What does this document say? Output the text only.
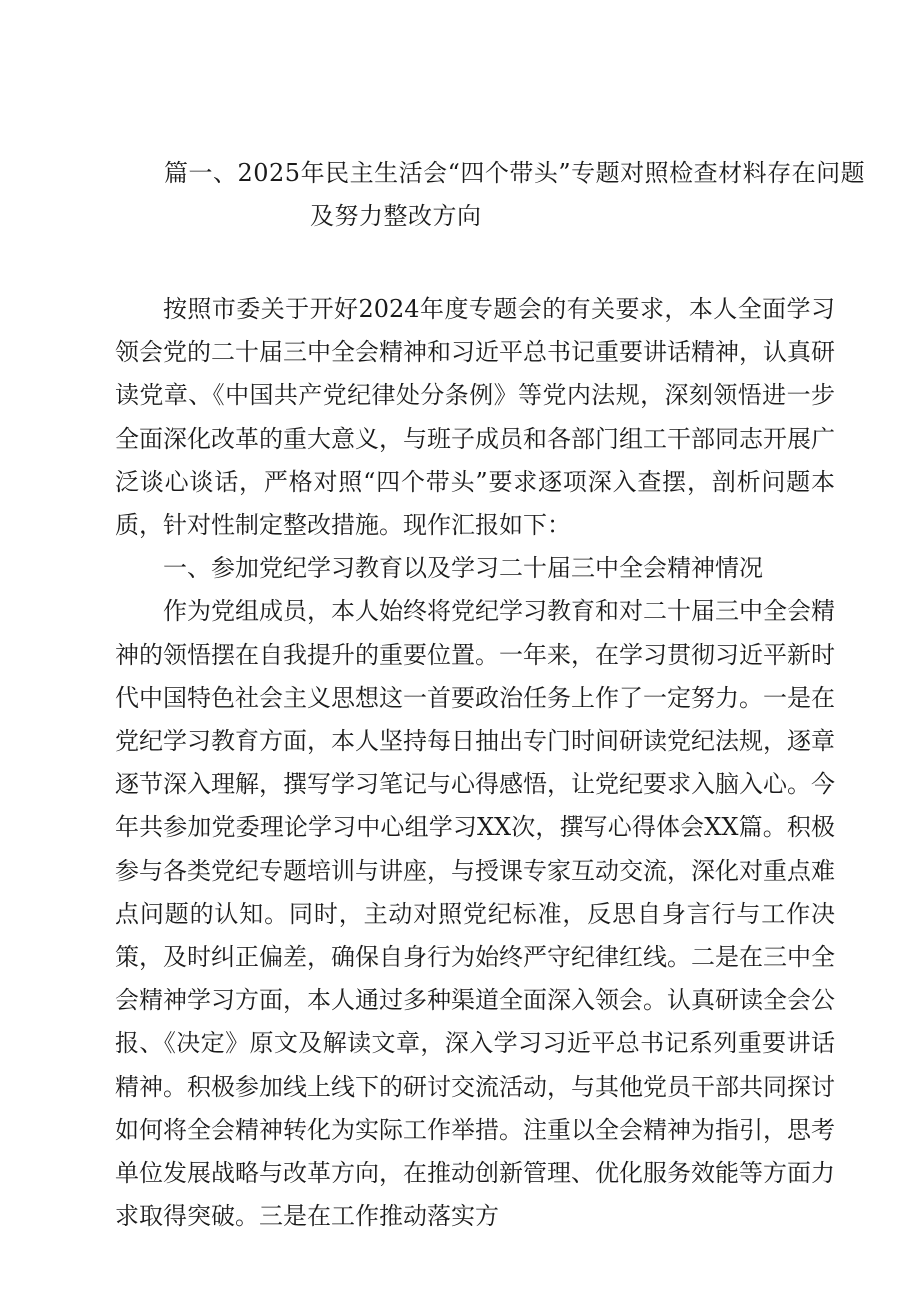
篇一、2025年民主生活会“四个带头”专题对照检查材料存在问题
及努力整改方向

按照市委关于开好2024年度专题会的有关要求，本人全面学习领会党的二十届三中全会精神和习近平总书记重要讲话精神，认真研读党章、《中国共产党纪律处分条例》等党内法规，深刻领悟进一步全面深化改革的重大意义，与班子成员和各部门组工干部同志开展广泛谈心谈话，严格对照“四个带头”要求逐项深入查摆，剖析问题本质，针对性制定整改措施。现作汇报如下：

一、参加党纪学习教育以及学习二十届三中全会精神情况

作为党组成员，本人始终将党纪学习教育和对二十届三中全会精神的领悟摆在自我提升的重要位置。一年来，在学习贯彻习近平新时代中国特色社会主义思想这一首要政治任务上作了一定努力。一是在党纪学习教育方面，本人坚持每日抽出专门时间研读党纪法规，逐章逐节深入理解，撰写学习笔记与心得感悟，让党纪要求入脑入心。今年共参加党委理论学习中心组学习XX次，撰写心得体会XX篇。积极参与各类党纪专题培训与讲座，与授课专家互动交流，深化对重点难点问题的认知。同时，主动对照党纪标准，反思自身言行与工作决策，及时纠正偏差，确保自身行为始终严守纪律红线。二是在三中全会精神学习方面，本人通过多种渠道全面深入领会。认真研读全会公报、《决定》原文及解读文章，深入学习习近平总书记系列重要讲话精神。积极参加线上线下的研讨交流活动，与其他党员干部共同探讨如何将全会精神转化为实际工作举措。注重以全会精神为指引，思考单位发展战略与改革方向，在推动创新管理、优化服务效能等方面力求取得突破。三是在工作推动落实方
